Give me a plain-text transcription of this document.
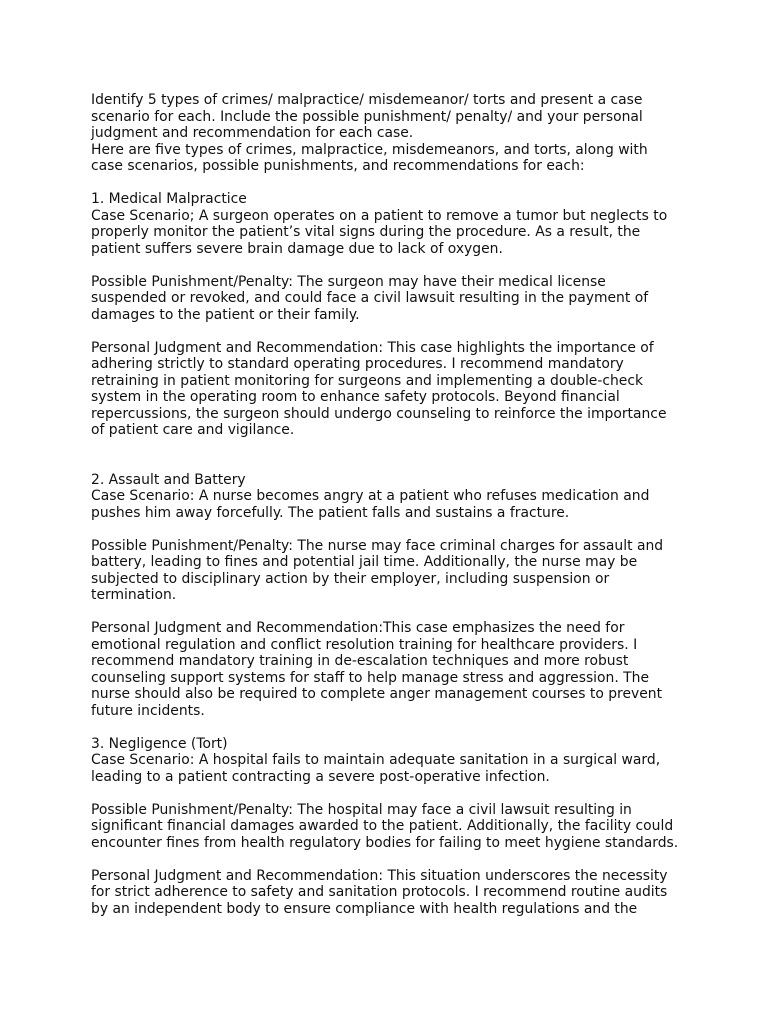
Identify 5 types of crimes/ malpractice/ misdemeanor/ torts and present a case
scenario for each. Include the possible punishment/ penalty/ and your personal
judgment and recommendation for each case.
Here are five types of crimes, malpractice, misdemeanors, and torts, along with
case scenarios, possible punishments, and recommendations for each:
1. Medical Malpractice
Case Scenario; A surgeon operates on a patient to remove a tumor but neglects to
properly monitor the patient’s vital signs during the procedure. As a result, the
patient suffers severe brain damage due to lack of oxygen.
Possible Punishment/Penalty: The surgeon may have their medical license
suspended or revoked, and could face a civil lawsuit resulting in the payment of
damages to the patient or their family.
Personal Judgment and Recommendation: This case highlights the importance of
adhering strictly to standard operating procedures. I recommend mandatory
retraining in patient monitoring for surgeons and implementing a double-check
system in the operating room to enhance safety protocols. Beyond financial
repercussions, the surgeon should undergo counseling to reinforce the importance
of patient care and vigilance.
2. Assault and Battery
Case Scenario: A nurse becomes angry at a patient who refuses medication and
pushes him away forcefully. The patient falls and sustains a fracture.
Possible Punishment/Penalty: The nurse may face criminal charges for assault and
battery, leading to fines and potential jail time. Additionally, the nurse may be
subjected to disciplinary action by their employer, including suspension or
termination.
Personal Judgment and Recommendation:This case emphasizes the need for
emotional regulation and conflict resolution training for healthcare providers. I
recommend mandatory training in de-escalation techniques and more robust
counseling support systems for staff to help manage stress and aggression. The
nurse should also be required to complete anger management courses to prevent
future incidents.
3. Negligence (Tort)
Case Scenario: A hospital fails to maintain adequate sanitation in a surgical ward,
leading to a patient contracting a severe post-operative infection.
Possible Punishment/Penalty: The hospital may face a civil lawsuit resulting in
significant financial damages awarded to the patient. Additionally, the facility could
encounter fines from health regulatory bodies for failing to meet hygiene standards.
Personal Judgment and Recommendation: This situation underscores the necessity
for strict adherence to safety and sanitation protocols. I recommend routine audits
by an independent body to ensure compliance with health regulations and the
